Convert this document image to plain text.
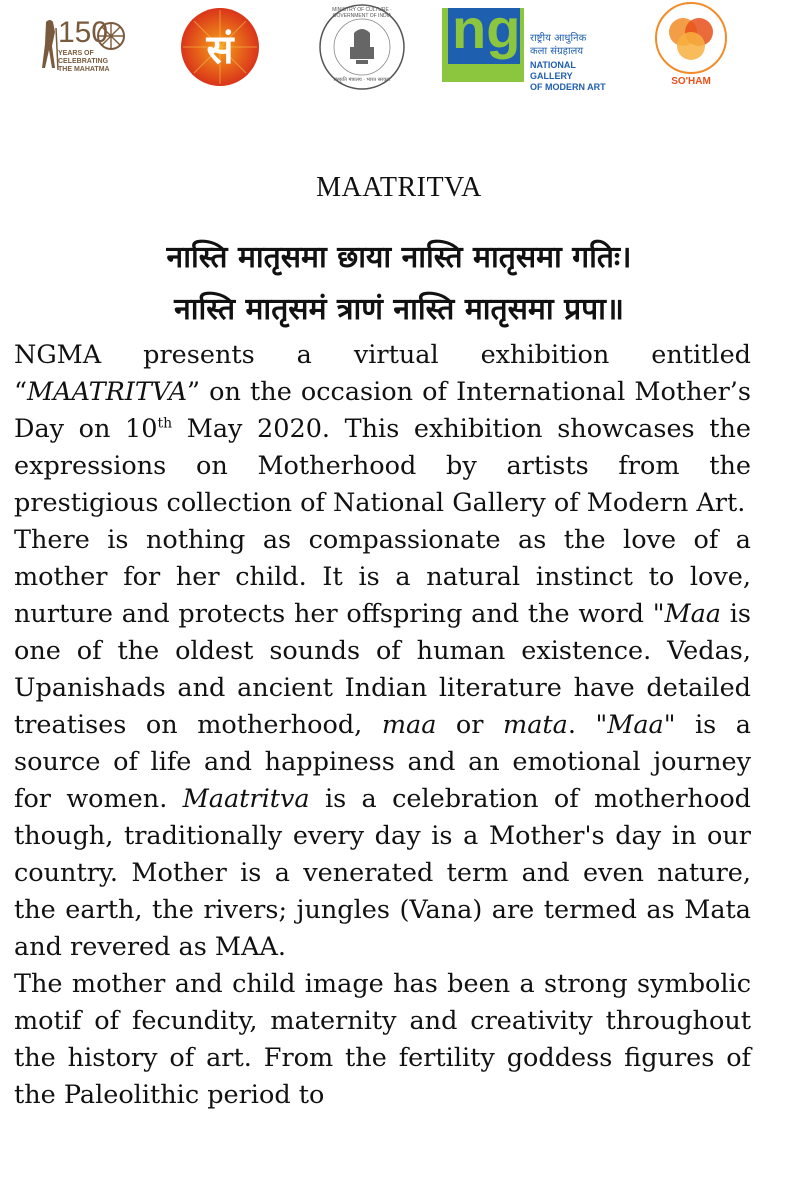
150
YEARS OF
CELEBRATING
THE MAHATMA	सं
MINISTRY OF CULTURE · GOVERNMENT OF INDIA
संस्कृति मंत्रालय · भारत सरकार
ng राष्ट्रीय आधुनिक
कला संग्रहालय
NATIONAL GALLERY
OF MODERN ART	SO'HAM
MAATRITVA
नास्ति मातृसमा छाया नास्ति मातृसमा गतिः।
नास्ति मातृसमं त्राणं नास्ति मातृसमा प्रपा॥

NGMA presents a virtual exhibition entitled “MAATRITVA” on the occasion of International Mother’s Day on 10th May 2020. This exhibition showcases the expressions on Motherhood by artists from the prestigious collection of National Gallery of Modern Art.

There is nothing as compassionate as the love of a mother for her child. It is a natural instinct to love, nurture and protects her offspring and the word "Maa is one of the oldest sounds of human existence. Vedas, Upanishads and ancient Indian literature have detailed treatises on motherhood, maa or mata. "Maa" is a source of life and happiness and an emotional journey for women. Maatritva is a celebration of motherhood though, traditionally every day is a Mother's day in our country. Mother is a venerated term and even nature, the earth, the rivers; jungles (Vana) are termed as Mata and revered as MAA.

The mother and child image has been a strong symbolic motif of fecundity, maternity and creativity throughout the history of art. From the fertility goddess figures of the Paleolithic period to
